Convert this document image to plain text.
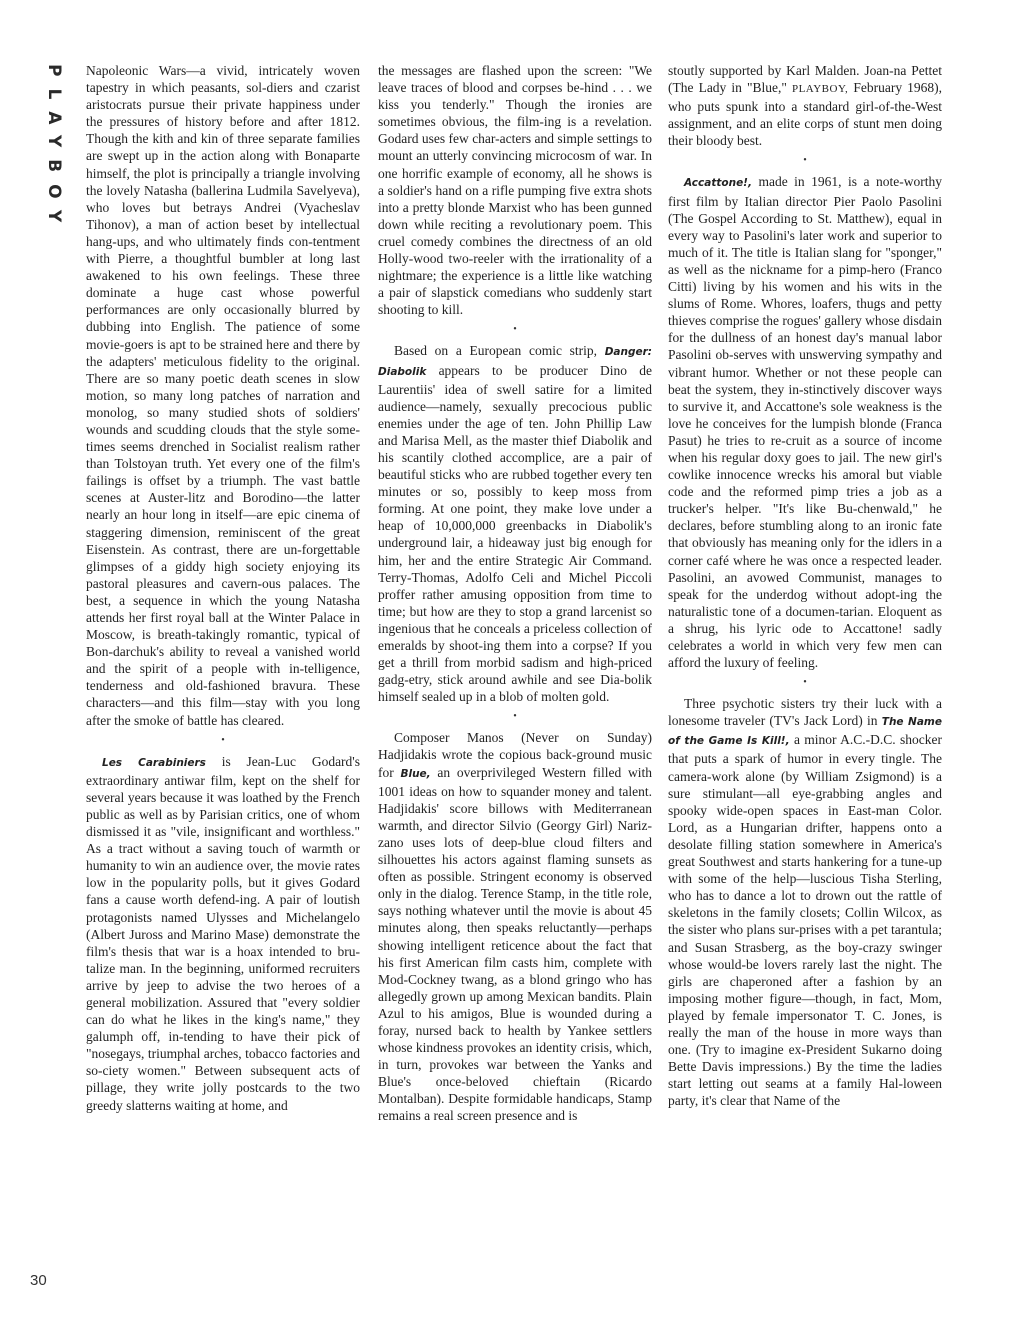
PLAYBOY Napoleonic Wars—a vivid, intricately woven tapestry in which peasants, sol-diers and czarist aristocrats pursue their private happiness under the pressures of history before and after 1812. Though the kith and kin of three separate families are swept up in the action along with Bonaparte himself, the plot is principally a triangle involving the lovely Natasha (ballerina Ludmila Savelyeva), who loves but betrays Andrei (Vyacheslav Tihonov), a man of action beset by intellectual hang-ups, and who ultimately finds con-tentment with Pierre, a thoughtful bumbler at long last awakened to his own feelings. These three dominate a huge cast whose powerful performances are only occasionally blurred by dubbing into English. The patience of some movie-goers is apt to be strained here and there by the adapters' meticulous fidelity to the original. There are so many poetic death scenes in slow motion, so many long patches of narration and monolog, so many studied shots of soldiers' wounds and scudding clouds that the style some-times seems drenched in Socialist realism rather than Tolstoyan truth. Yet every one of the film's failings is offset by a triumph. The vast battle scenes at Auster-litz and Borodino—the latter nearly an hour long in itself—are epic cinema of staggering dimension, reminiscent of the great Eisenstein. As contrast, there are un-forgettable glimpses of a giddy high society enjoying its pastoral pleasures and cavern-ous palaces. The best, a sequence in which the young Natasha attends her first royal ball at the Winter Palace in Moscow, is breath-takingly romantic, typical of Bon-darchuk's ability to reveal a vanished world and the spirit of a people with in-telligence, tenderness and old-fashioned bravura. These characters—and this film—stay with you long after the smoke of battle has cleared.

•

Les Carabiniers is Jean-Luc Godard's extraordinary antiwar film, kept on the shelf for several years because it was loathed by the French public as well as by Parisian critics, one of whom dismissed it as "vile, insignificant and worthless." As a tract without a saving touch of warmth or humanity to win an audience over, the movie rates low in the popularity polls, but it gives Godard fans a cause worth defend-ing. A pair of loutish protagonists named Ulysses and Michelangelo (Albert Juross and Marino Mase) demonstrate the film's thesis that war is a hoax intended to bru-talize man. In the beginning, uniformed recruiters arrive by jeep to advise the two heroes of a general mobilization. Assured that "every soldier can do what he likes in the king's name," they galumph off, in-tending to have their pick of "nosegays, triumphal arches, tobacco factories and so-ciety women." Between subsequent acts of pillage, they write jolly postcards to the two greedy slatterns waiting at home, and

the messages are flashed upon the screen: "We leave traces of blood and corpses be-hind . . . we kiss you tenderly." Though the ironies are sometimes obvious, the film-ing is a revelation. Godard uses few char-acters and simple settings to mount an utterly convincing microcosm of war. In one horrific example of economy, all he shows is a soldier's hand on a rifle pumping five extra shots into a pretty blonde Marxist who has been gunned down while reciting a revolutionary poem. This cruel comedy combines the directness of an old Holly-wood two-reeler with the irrationality of a nightmare; the experience is a little like watching a pair of slapstick comedians who suddenly start shooting to kill.

•

Based on a European comic strip, Danger: Diabolik appears to be producer Dino de Laurentiis' idea of swell satire for a limited audience—namely, sexually precocious public enemies under the age of ten. John Phillip Law and Marisa Mell, as the master thief Diabolik and his scantily clothed accomplice, are a pair of beautiful sticks who are rubbed together every ten minutes or so, possibly to keep moss from forming. At one point, they make love under a heap of 10,000,000 greenbacks in Diabolik's underground lair, a hideaway just big enough for him, her and the entire Strategic Air Command. Terry-Thomas, Adolfo Celi and Michel Piccoli proffer rather amusing opposition from time to time; but how are they to stop a grand larcenist so ingenious that he conceals a priceless collection of emeralds by shoot-ing them into a corpse? If you get a thrill from morbid sadism and high-priced gadg-etry, stick around awhile and see Dia-bolik himself sealed up in a blob of molten gold.

•

Composer Manos (Never on Sunday) Hadjidakis wrote the copious back-ground music for Blue, an overprivileged Western filled with 1001 ideas on how to squander money and talent. Hadjidakis' score billows with Mediterranean warmth, and director Silvio (Georgy Girl) Nariz-zano uses lots of deep-blue cloud filters and silhouettes his actors against flaming sunsets as often as possible. Stringent economy is observed only in the dialog. Terence Stamp, in the title role, says nothing whatever until the movie is about 45 minutes along, then speaks reluctantly—perhaps showing intelligent reticence about the fact that his first American film casts him, complete with Mod-Cockney twang, as a blond gringo who has allegedly grown up among Mexican bandits. Plain Azul to his amigos, Blue is wounded during a foray, nursed back to health by Yankee settlers whose kindness provokes an identity crisis, which, in turn, provokes war between the Yanks and Blue's once-beloved chieftain (Ricardo Montalban). Despite formidable handicaps, Stamp remains a real screen presence and is

stoutly supported by Karl Malden. Joan-na Pettet (The Lady in "Blue," PLAYBOY, February 1968), who puts spunk into a standard girl-of-the-West assignment, and an elite corps of stunt men doing their bloody best.

•

Accattone!, made in 1961, is a note-worthy first film by Italian director Pier Paolo Pasolini (The Gospel According to St. Matthew), equal in every way to Pasolini's later work and superior to much of it. The title is Italian slang for "sponger," as well as the nickname for a pimp-hero (Franco Citti) living by his women and his wits in the slums of Rome. Whores, loafers, thugs and petty thieves comprise the rogues' gallery whose disdain for the dullness of an honest day's manual labor Pasolini ob-serves with unswerving sympathy and vibrant humor. Whether or not these people can beat the system, they in-stinctively discover ways to survive it, and Accattone's sole weakness is the love he conceives for the lumpish blonde (Franca Pasut) he tries to re-cruit as a source of income when his regular doxy goes to jail. The new girl's cowlike innocence wrecks his amoral but viable code and the reformed pimp tries a job as a trucker's helper. "It's like Bu-chenwald," he declares, before stumbling along to an ironic fate that obviously has meaning only for the idlers in a corner café where he was once a respected leader. Pasolini, an avowed Communist, manages to speak for the underdog without adopt-ing the naturalistic tone of a documen-tarian. Eloquent as a shrug, his lyric ode to Accattone! sadly celebrates a world in which very few men can afford the luxury of feeling.

•

Three psychotic sisters try their luck with a lonesome traveler (TV's Jack Lord) in The Name of the Game Is Kill!, a minor A.C.-D.C. shocker that puts a spark of humor in every tingle. The camera-work alone (by William Zsigmond) is a sure stimulant—all eye-grabbing angles and spooky wide-open spaces in East-man Color. Lord, as a Hungarian drifter, happens onto a desolate filling station somewhere in America's great Southwest and starts hankering for a tune-up with some of the help—luscious Tisha Sterling, who has to dance a lot to drown out the rattle of skeletons in the family closets; Collin Wilcox, as the sister who plans sur-prises with a pet tarantula; and Susan Strasberg, as the boy-crazy swinger whose would-be lovers rarely last the night. The girls are chaperoned after a fashion by an imposing mother figure—though, in fact, Mom, played by female impersonator T. C. Jones, is really the man of the house in more ways than one. (Try to imagine ex-President Sukarno doing Bette Davis impressions.) By the time the ladies start letting out seams at a family Hal-loween party, it's clear that Name of the

30
